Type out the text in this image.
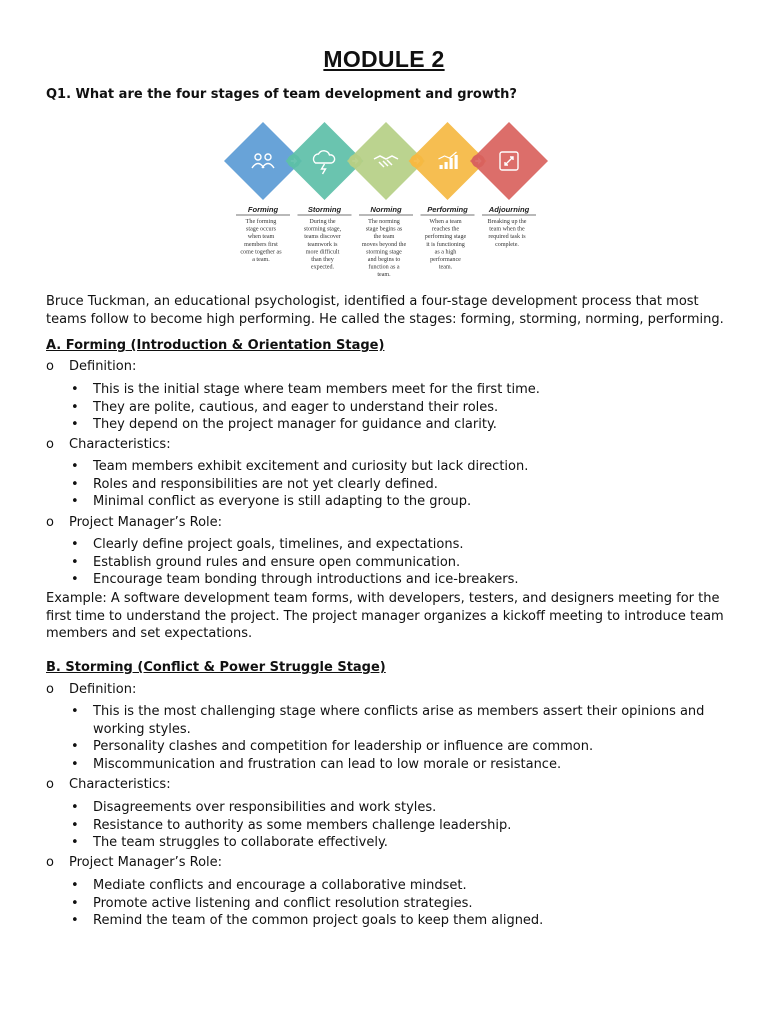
MODULE 2
Q1. What are the four stages of team development and growth?
Forming
The forming
stage occurs
when team
members first
come together as
a team.
Storming
During the
storming stage,
teams discover
teamwork is
more difficult
than they
expected.
Norming
The norming
stage begins as
the team
moves beyond the
storming stage
and begins to
function as a
team.
Performing
When a team
reaches the
performing stage
it is functioning
as a high
performance
team.
Adjourning
Breaking up the
team when the
required task is
complete.
Bruce Tuckman, an educational psychologist, identified a four-stage development process that most teams follow to become high performing. He called the stages: forming, storming, norming, performing.
A. Forming (Introduction & Orientation Stage)
o Definition:
• This is the initial stage where team members meet for the first time.
• They are polite, cautious, and eager to understand their roles.
• They depend on the project manager for guidance and clarity.
o Characteristics:
• Team members exhibit excitement and curiosity but lack direction.
• Roles and responsibilities are not yet clearly defined.
• Minimal conflict as everyone is still adapting to the group.
o Project Manager’s Role:
• Clearly define project goals, timelines, and expectations.
• Establish ground rules and ensure open communication.
• Encourage team bonding through introductions and ice-breakers.
Example: A software development team forms, with developers, testers, and designers meeting for the first time to understand the project. The project manager organizes a kickoff meeting to introduce team members and set expectations.
B. Storming (Conflict & Power Struggle Stage)
o Definition:
• This is the most challenging stage where conflicts arise as members assert their opinions and working styles.
• Personality clashes and competition for leadership or influence are common.
• Miscommunication and frustration can lead to low morale or resistance.
o Characteristics:
• Disagreements over responsibilities and work styles.
• Resistance to authority as some members challenge leadership.
• The team struggles to collaborate effectively.
o Project Manager’s Role:
• Mediate conflicts and encourage a collaborative mindset.
• Promote active listening and conflict resolution strategies.
• Remind the team of the common project goals to keep them aligned.
